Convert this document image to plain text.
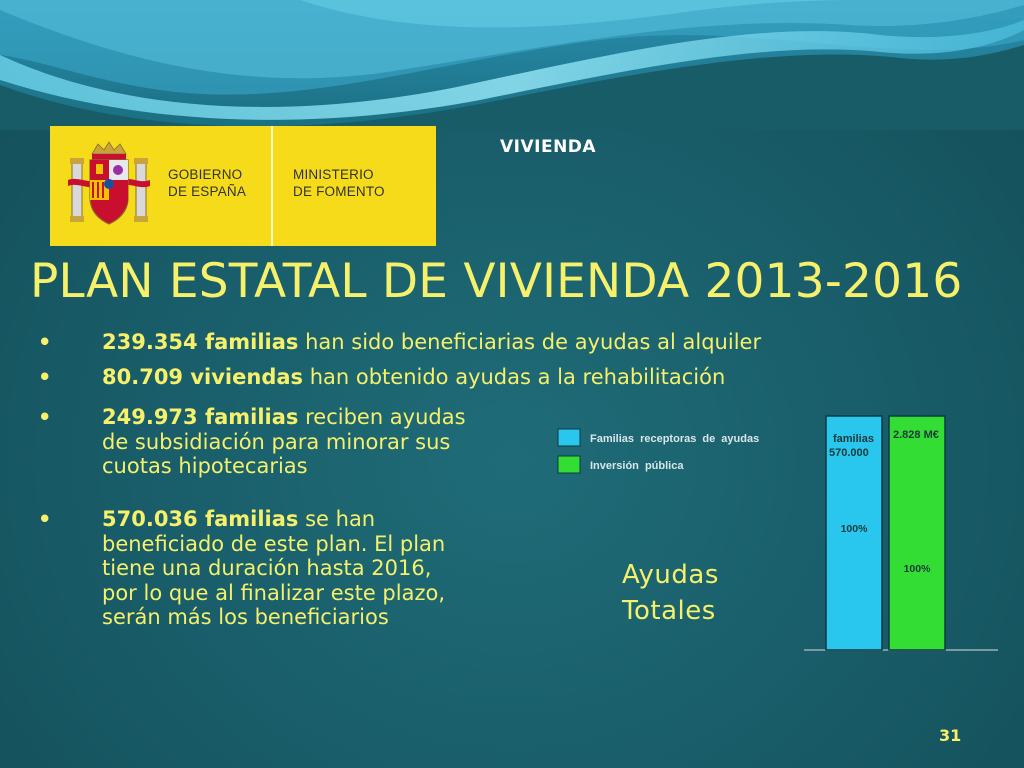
GOBIERNO
DE ESPAÑA
MINISTERIO
DE FOMENTO
VIVIENDA
PLAN ESTATAL DE VIVIENDA 2013-2016
• 239.354 familias han sido beneficiarias de ayudas al alquiler
• 80.709 viviendas han obtenido ayudas a la rehabilitación
• 249.973 familias reciben ayudas
de subsidiación para minorar sus
cuotas hipotecarias
• 570.036 familias se han
beneficiado de este plan. El plan
tiene una duración hasta 2016,
por lo que al finalizar este plazo,
serán más los beneficiarios
Ayudas
Totales
100%
100%
familias
570.000
2.828 M€
Familias receptoras de ayudas
Inversión pública
31
